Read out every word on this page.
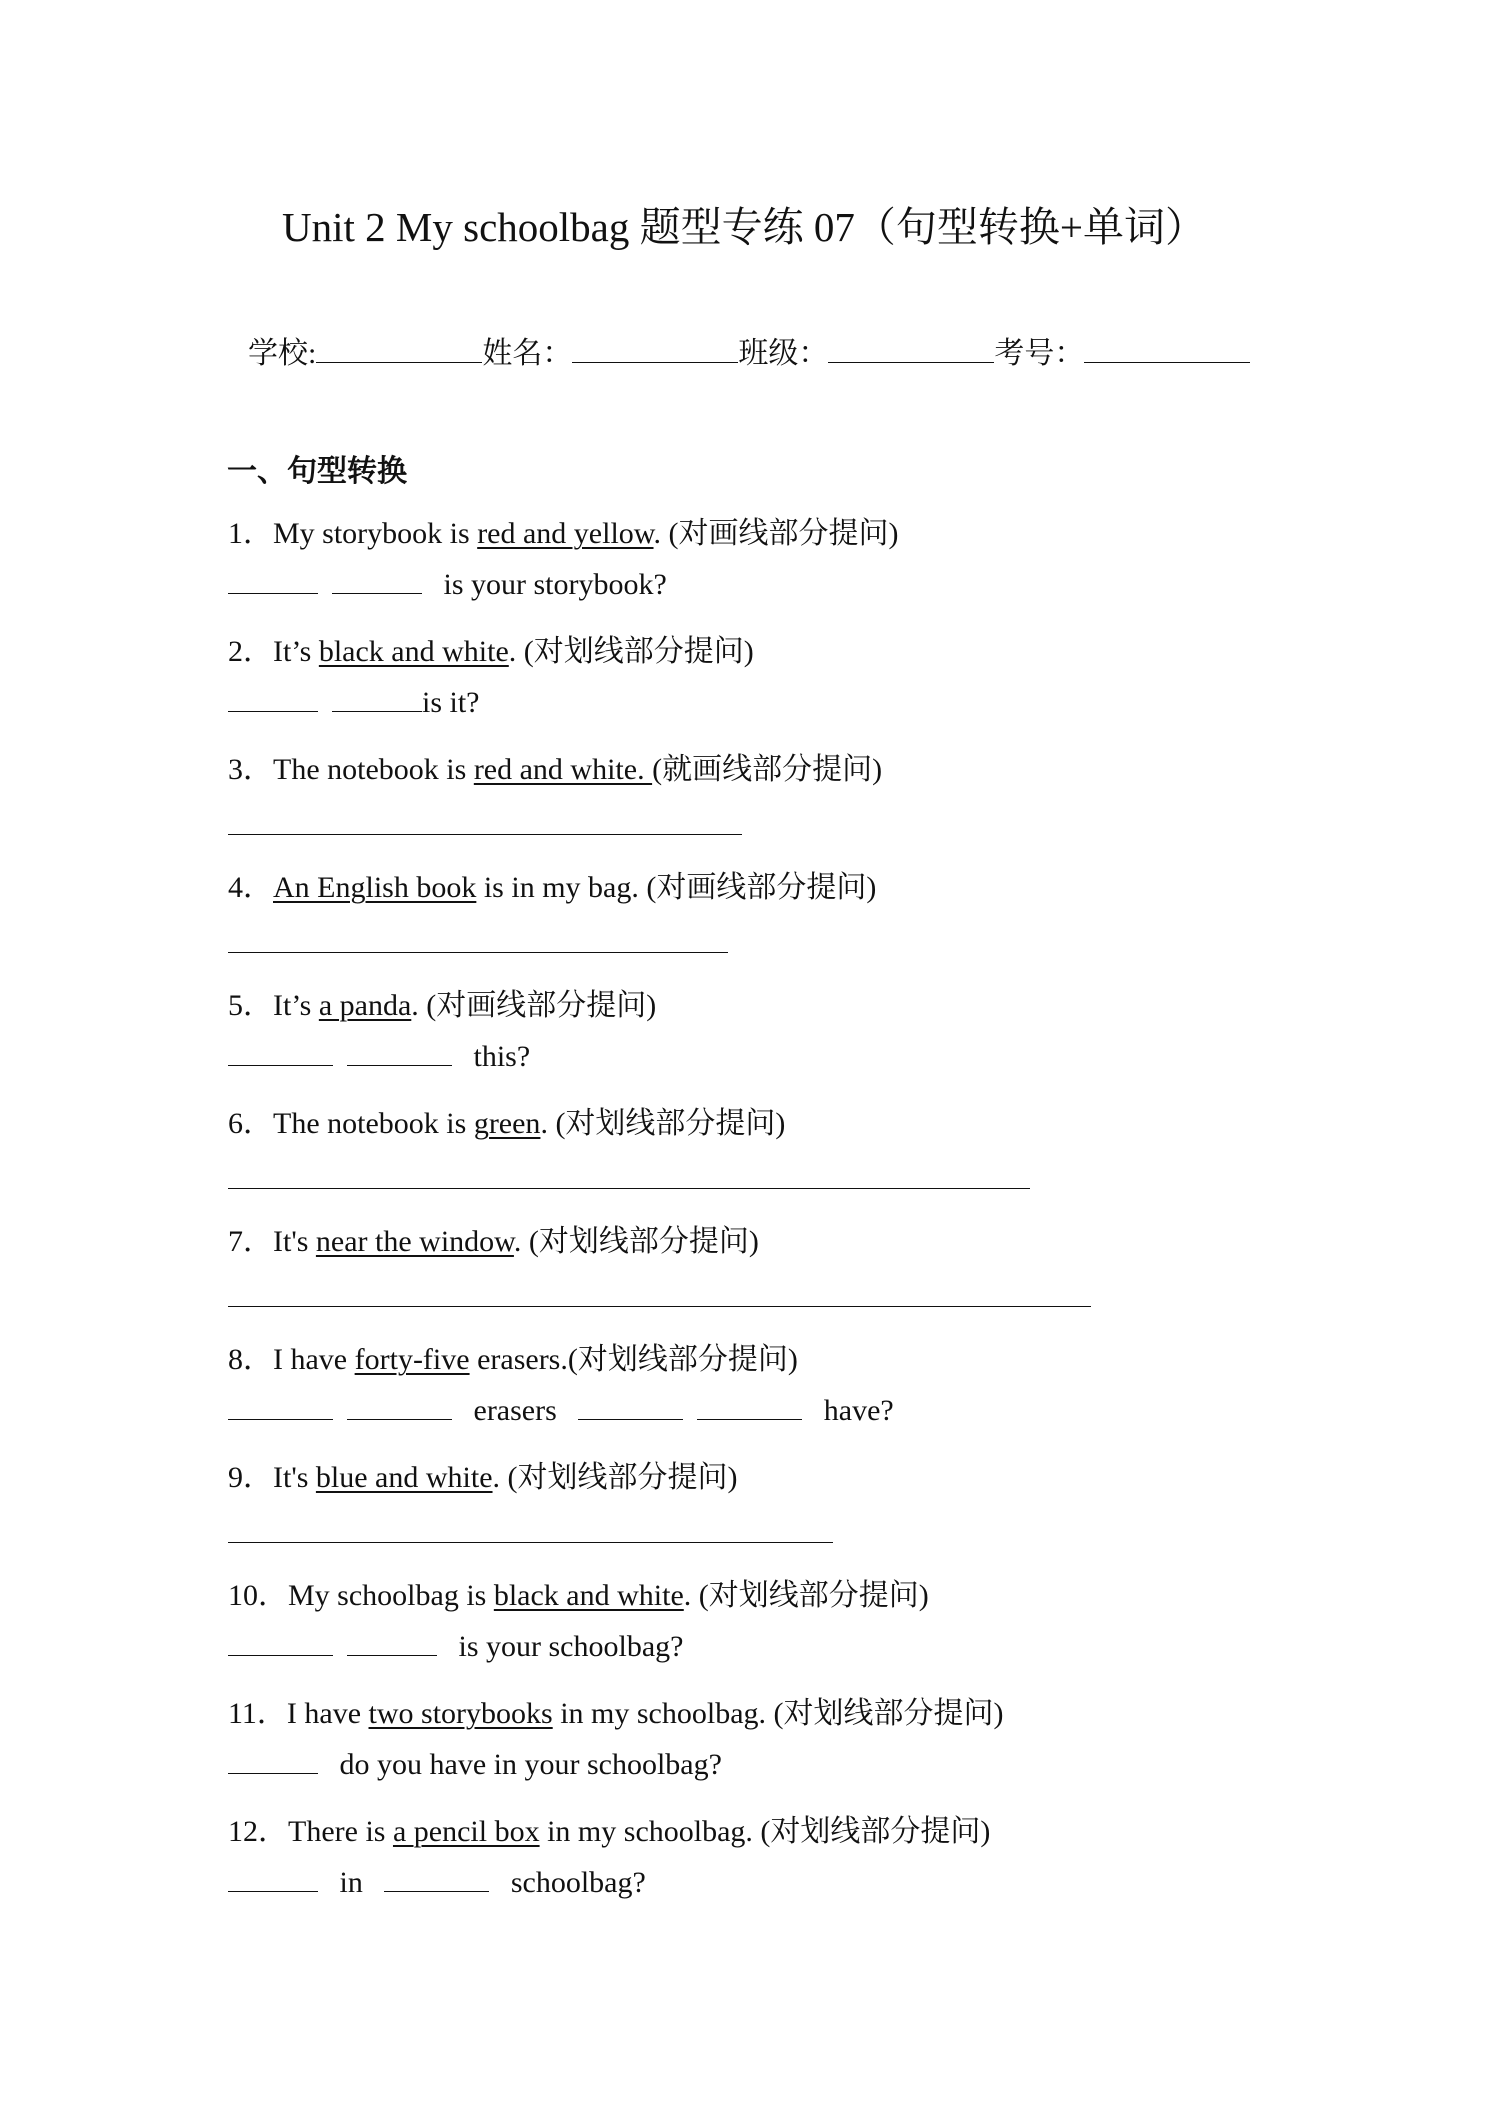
Unit 2 My schoolbag 题型专练 07（句型转换+单词）
学校:	姓名：	班级：	考号：
一、句型转换
1．My storybook is red and yellow. (对画线部分提问)
is your storybook?
2．It’s black and white. (对划线部分提问)
is it?
3．The notebook is red and white. (就画线部分提问)
4．An English book is in my bag. (对画线部分提问)
5．It’s a panda. (对画线部分提问)
this?
6．The notebook is green. (对划线部分提问)
7．It's near the window. (对划线部分提问)
8．I have forty-five erasers.(对划线部分提问)
erasers	have?
9．It's blue and white. (对划线部分提问)
10．My schoolbag is black and white. (对划线部分提问)
is your schoolbag?
11．I have two storybooks in my schoolbag. (对划线部分提问)
do you have in your schoolbag?
12．There is a pencil box in my schoolbag. (对划线部分提问)
in	schoolbag?
